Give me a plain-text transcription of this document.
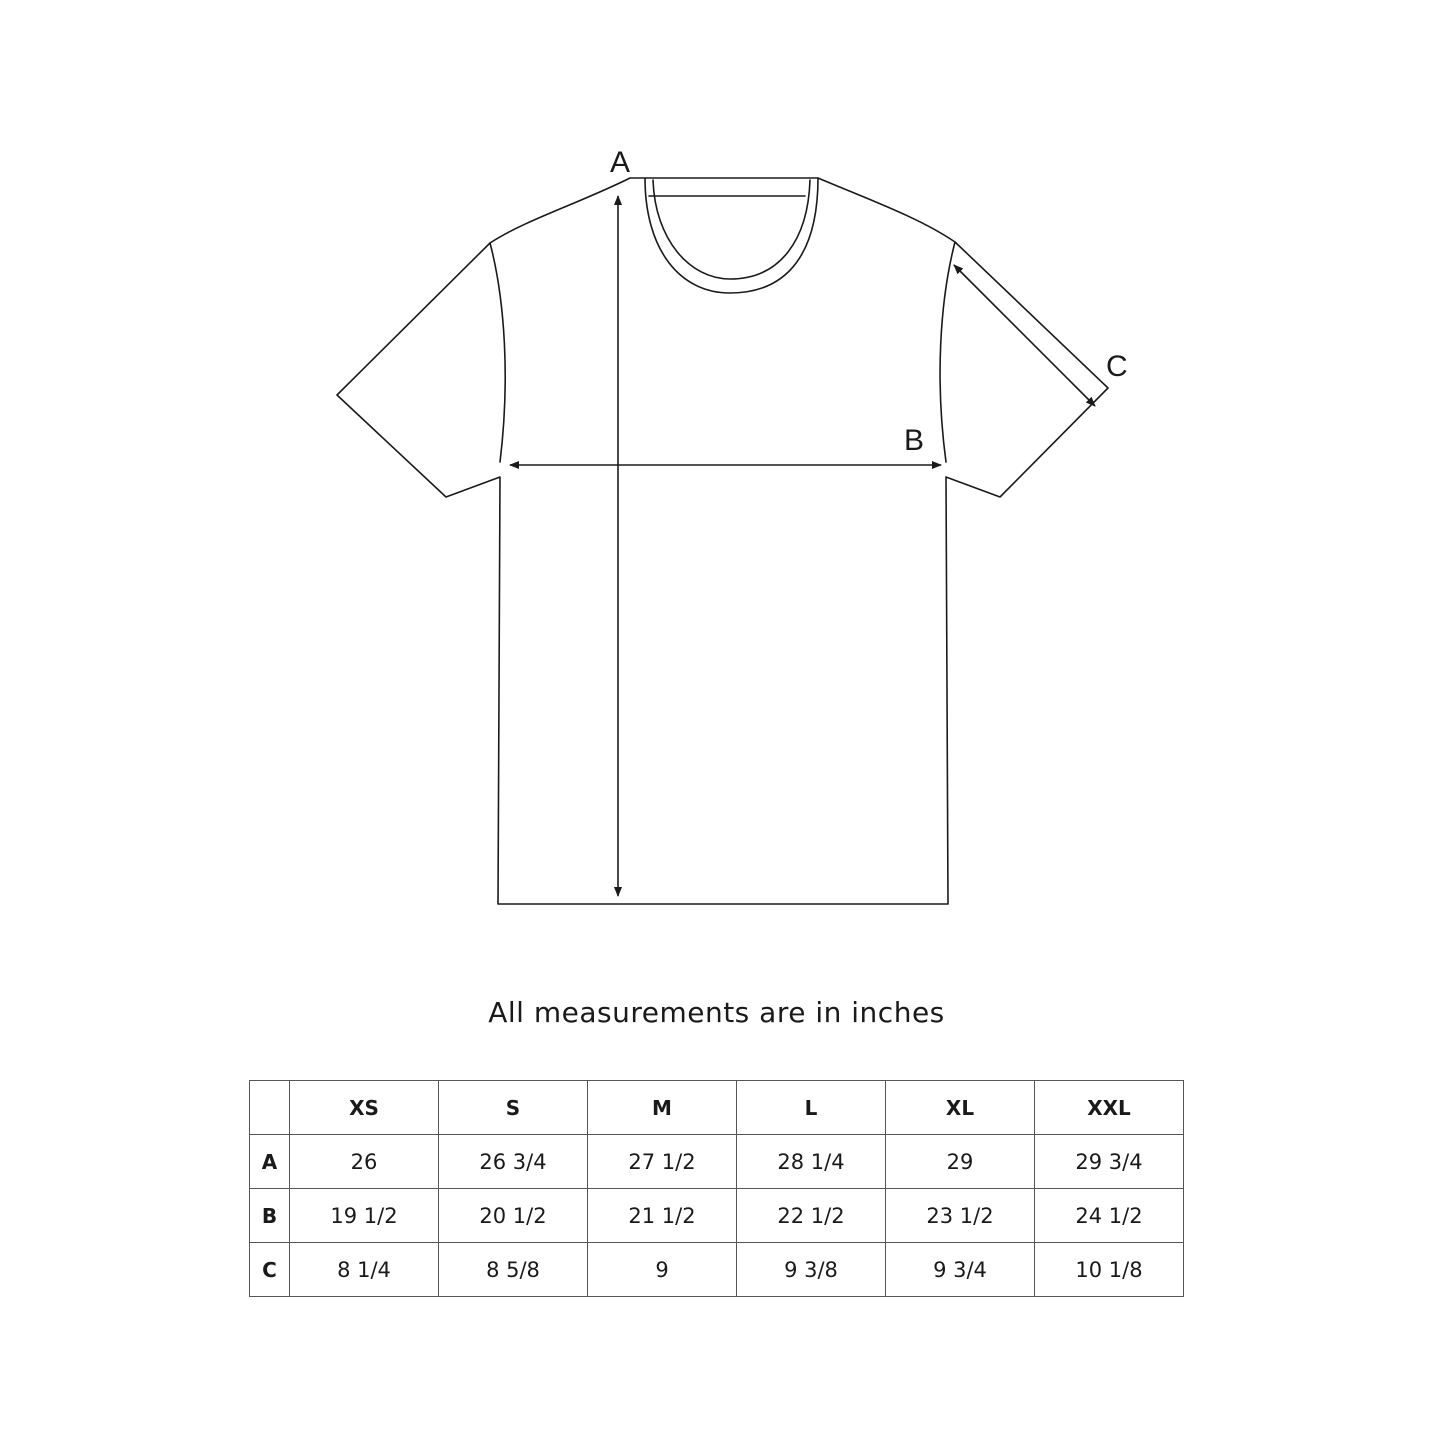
A
B
C
All measurements are in inches
	XS	S	M	L	XL	XXL
A	26	26 3/4	27 1/2	28 1/4	29	29 3/4
B	19 1/2	20 1/2	21 1/2	22 1/2	23 1/2	24 1/2
C	8 1/4	8 5/8	9	9 3/8	9 3/4	10 1/8
